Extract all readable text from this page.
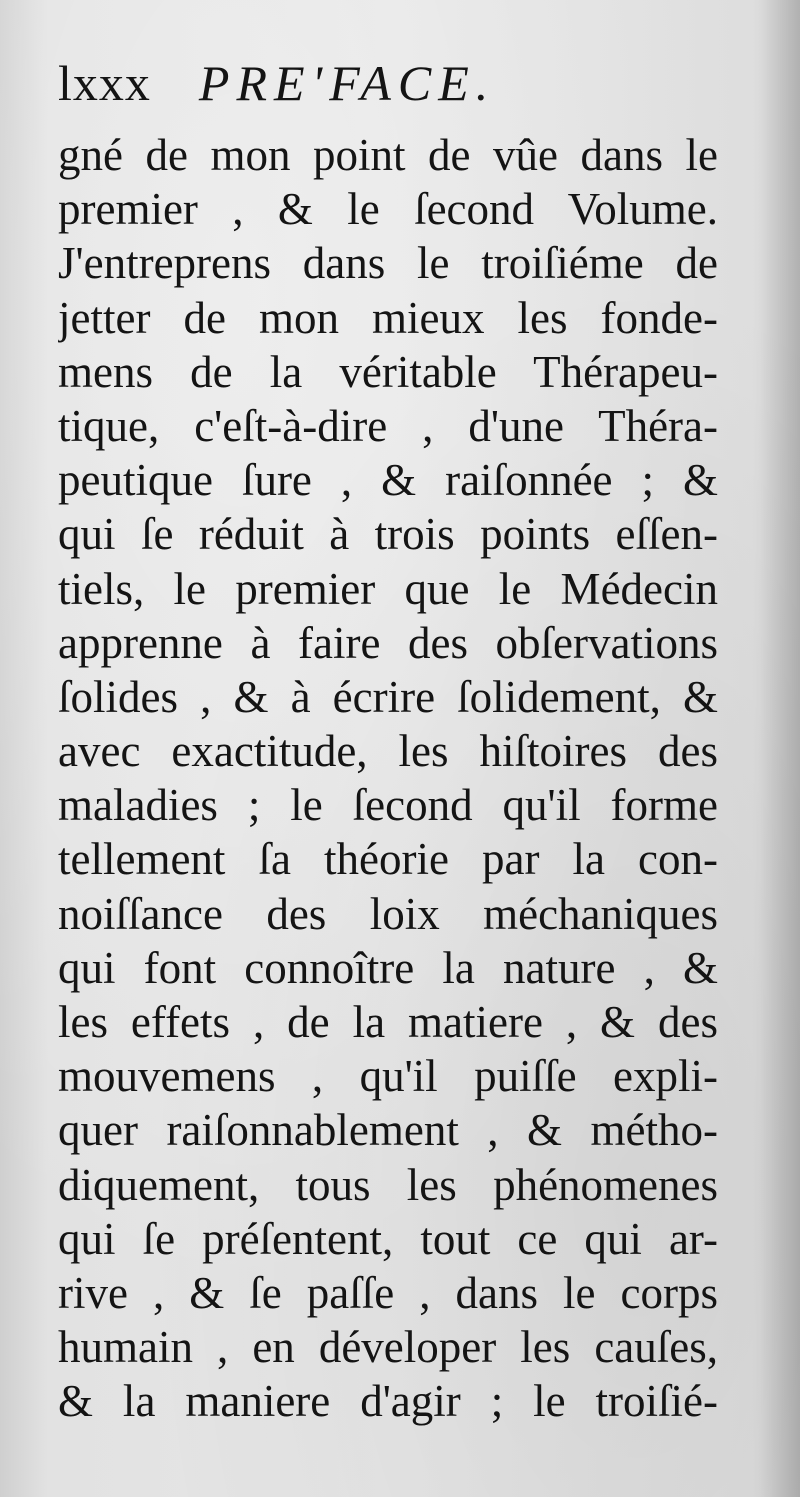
lxxx PRE'FACE.
gné de mon point de vûe dans le
premier , & le ſecond Volume.
J'entreprens dans le troiſiéme de
jetter de mon mieux les fonde-
mens de la véritable Thérapeu-
tique, c'eſt-à-dire , d'une Théra-
peutique ſure , & raiſonnée ; &
qui ſe réduit à trois points eſſen-
tiels, le premier que le Médecin
apprenne à faire des obſervations
ſolides , & à écrire ſolidement, &
avec exactitude, les hiſtoires des
maladies ; le ſecond qu'il forme
tellement ſa théorie par la con-
noiſſance des loix méchaniques
qui font connoître la nature , &
les effets , de la matiere , & des
mouvemens , qu'il puiſſe expli-
quer raiſonnablement , & métho-
diquement, tous les phénomenes
qui ſe préſentent, tout ce qui ar-
rive , & ſe paſſe , dans le corps
humain , en déveloper les cauſes,
& la maniere d'agir ; le troiſié-
